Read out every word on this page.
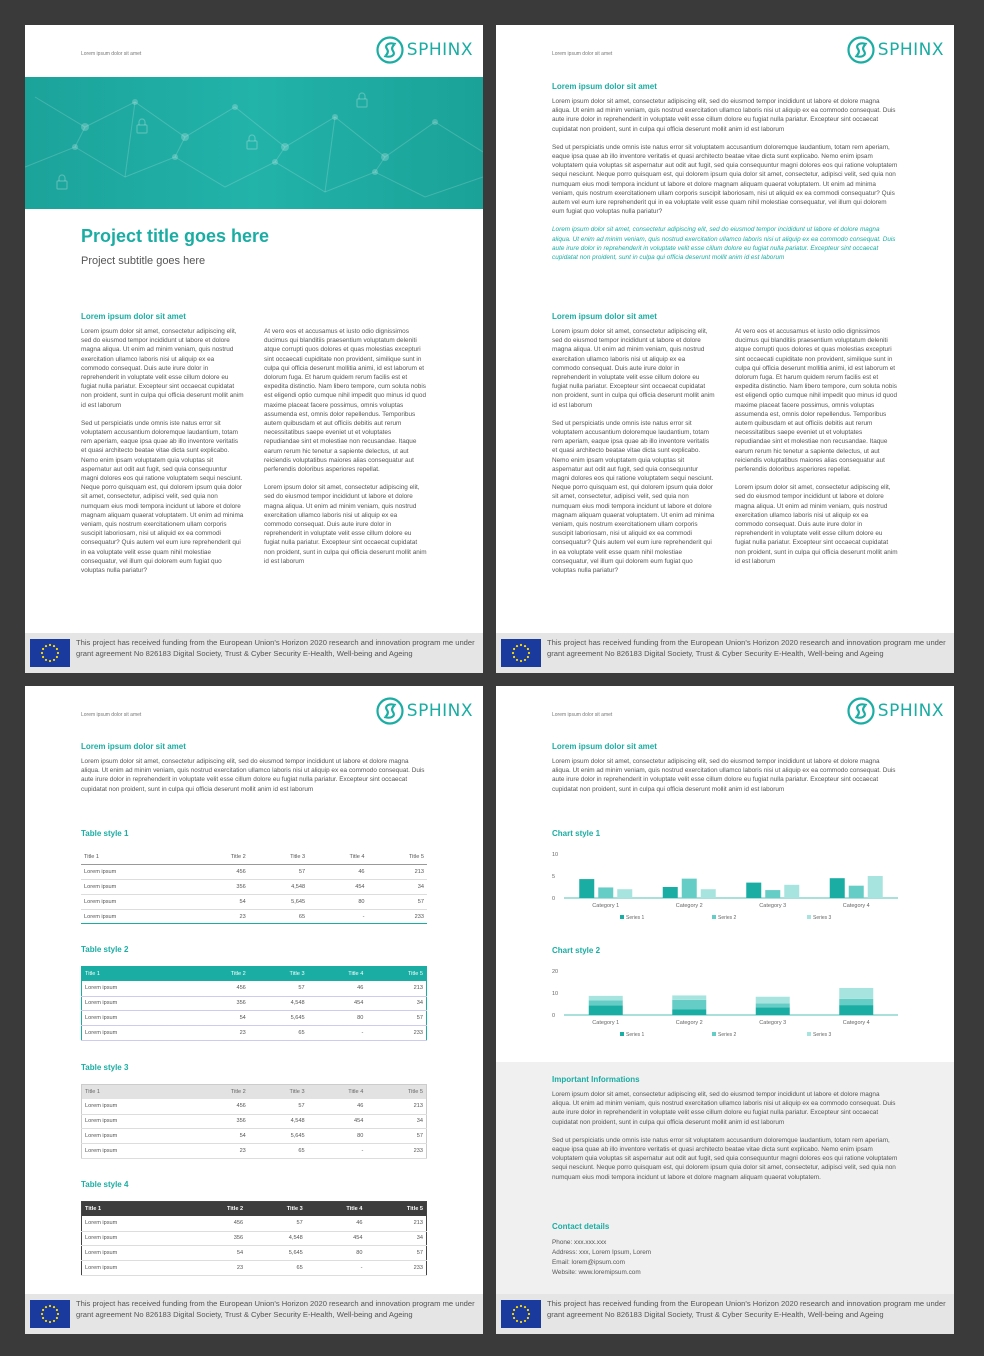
Lorem ipsum dolor sit amet	SPHINX
Project title goes here
Project subtitle goes here
Lorem ipsum dolor sit amet

Lorem ipsum dolor sit amet, consectetur adipiscing elit, sed do eiusmod tempor incididunt ut labore et dolore magna aliqua. Ut enim ad minim veniam, quis nostrud exercitation ullamco laboris nisi ut aliquip ex ea commodo consequat. Duis aute irure dolor in reprehenderit in voluptate velit esse cillum dolore eu fugiat nulla pariatur. Excepteur sint occaecat cupidatat non proident, sunt in culpa qui officia deserunt mollit anim id est laborum

Sed ut perspiciatis unde omnis iste natus error sit voluptatem accusantium doloremque laudantium, totam rem aperiam, eaque ipsa quae ab illo inventore veritatis et quasi architecto beatae vitae dicta sunt explicabo. Nemo enim ipsam voluptatem quia voluptas sit aspernatur aut odit aut fugit, sed quia consequuntur magni dolores eos qui ratione voluptatem sequi nesciunt. Neque porro quisquam est, qui dolorem ipsum quia dolor sit amet, consectetur, adipisci velit, sed quia non numquam eius modi tempora incidunt ut labore et dolore magnam aliquam quaerat voluptatem. Ut enim ad minima veniam, quis nostrum exercitationem ullam corporis suscipit laboriosam, nisi ut aliquid ex ea commodi consequatur? Quis autem vel eum iure reprehenderit qui in ea voluptate velit esse quam nihil molestiae consequatur, vel illum qui dolorem eum fugiat quo voluptas nulla pariatur?

At vero eos et accusamus et iusto odio dignissimos ducimus qui blanditiis praesentium voluptatum deleniti atque corrupti quos dolores et quas molestias excepturi sint occaecati cupiditate non provident, similique sunt in culpa qui officia deserunt mollitia animi, id est laborum et dolorum fuga. Et harum quidem rerum facilis est et expedita distinctio. Nam libero tempore, cum soluta nobis est eligendi optio cumque nihil impedit quo minus id quod maxime placeat facere possimus, omnis voluptas assumenda est, omnis dolor repellendus. Temporibus autem quibusdam et aut officiis debitis aut rerum necessitatibus saepe eveniet ut et voluptates repudiandae sint et molestiae non recusandae. Itaque earum rerum hic tenetur a sapiente delectus, ut aut reiciendis voluptatibus maiores alias consequatur aut perferendis doloribus asperiores repellat.

Lorem ipsum dolor sit amet, consectetur adipiscing elit, sed do eiusmod tempor incididunt ut labore et dolore magna aliqua. Ut enim ad minim veniam, quis nostrud exercitation ullamco laboris nisi ut aliquip ex ea commodo consequat. Duis aute irure dolor in reprehenderit in voluptate velit esse cillum dolore eu fugiat nulla pariatur. Excepteur sint occaecat cupidatat non proident, sunt in culpa qui officia deserunt mollit anim id est laborum

This project has received funding from the European Union's Horizon 2020 research and innovation program me under grant agreement No 826183 Digital Society, Trust & Cyber Security E-Health, Well-being and Ageing
Lorem ipsum dolor sit amet	SPHINX
Lorem ipsum dolor sit amet

Lorem ipsum dolor sit amet, consectetur adipiscing elit, sed do eiusmod tempor incididunt ut labore et dolore magna aliqua. Ut enim ad minim veniam, quis nostrud exercitation ullamco laboris nisi ut aliquip ex ea commodo consequat. Duis aute irure dolor in reprehenderit in voluptate velit esse cillum dolore eu fugiat nulla pariatur. Excepteur sint occaecat cupidatat non proident, sunt in culpa qui officia deserunt mollit anim id est laborum

Sed ut perspiciatis unde omnis iste natus error sit voluptatem accusantium doloremque laudantium, totam rem aperiam, eaque ipsa quae ab illo inventore veritatis et quasi architecto beatae vitae dicta sunt explicabo. Nemo enim ipsam voluptatem quia voluptas sit aspernatur aut odit aut fugit, sed quia consequuntur magni dolores eos qui ratione voluptatem sequi nesciunt. Neque porro quisquam est, qui dolorem ipsum quia dolor sit amet, consectetur, adipisci velit, sed quia non numquam eius modi tempora incidunt ut labore et dolore magnam aliquam quaerat voluptatem. Ut enim ad minima veniam, quis nostrum exercitationem ullam corporis suscipit laboriosam, nisi ut aliquid ex ea commodi consequatur? Quis autem vel eum iure reprehenderit qui in ea voluptate velit esse quam nihil molestiae consequatur, vel illum qui dolorem eum fugiat quo voluptas nulla pariatur?

Lorem ipsum dolor sit amet, consectetur adipiscing elit, sed do eiusmod tempor incididunt ut labore et dolore magna aliqua. Ut enim ad minim veniam, quis nostrud exercitation ullamco laboris nisi ut aliquip ex ea commodo consequat. Duis aute irure dolor in reprehenderit in voluptate velit esse cillum dolore eu fugiat nulla pariatur. Excepteur sint occaecat cupidatat non proident, sunt in culpa qui officia deserunt mollit anim id est laborum

Lorem ipsum dolor sit amet

Lorem ipsum dolor sit amet, consectetur adipiscing elit, sed do eiusmod tempor incididunt ut labore et dolore magna aliqua. Ut enim ad minim veniam, quis nostrud exercitation ullamco laboris nisi ut aliquip ex ea commodo consequat. Duis aute irure dolor in reprehenderit in voluptate velit esse cillum dolore eu fugiat nulla pariatur. Excepteur sint occaecat cupidatat non proident, sunt in culpa qui officia deserunt mollit anim id est laborum

Sed ut perspiciatis unde omnis iste natus error sit voluptatem accusantium doloremque laudantium, totam rem aperiam, eaque ipsa quae ab illo inventore veritatis et quasi architecto beatae vitae dicta sunt explicabo. Nemo enim ipsam voluptatem quia voluptas sit aspernatur aut odit aut fugit, sed quia consequuntur magni dolores eos qui ratione voluptatem sequi nesciunt. Neque porro quisquam est, qui dolorem ipsum quia dolor sit amet, consectetur, adipisci velit, sed quia non numquam eius modi tempora incidunt ut labore et dolore magnam aliquam quaerat voluptatem. Ut enim ad minima veniam, quis nostrum exercitationem ullam corporis suscipit laboriosam, nisi ut aliquid ex ea commodi consequatur? Quis autem vel eum iure reprehenderit qui in ea voluptate velit esse quam nihil molestiae consequatur, vel illum qui dolorem eum fugiat quo voluptas nulla pariatur?

At vero eos et accusamus et iusto odio dignissimos ducimus qui blanditiis praesentium voluptatum deleniti atque corrupti quos dolores et quas molestias excepturi sint occaecati cupiditate non provident, similique sunt in culpa qui officia deserunt mollitia animi, id est laborum et dolorum fuga. Et harum quidem rerum facilis est et expedita distinctio. Nam libero tempore, cum soluta nobis est eligendi optio cumque nihil impedit quo minus id quod maxime placeat facere possimus, omnis voluptas assumenda est, omnis dolor repellendus. Temporibus autem quibusdam et aut officiis debitis aut rerum necessitatibus saepe eveniet ut et voluptates repudiandae sint et molestiae non recusandae. Itaque earum rerum hic tenetur a sapiente delectus, ut aut reiciendis voluptatibus maiores alias consequatur aut perferendis doloribus asperiores repellat.

Lorem ipsum dolor sit amet, consectetur adipiscing elit, sed do eiusmod tempor incididunt ut labore et dolore magna aliqua. Ut enim ad minim veniam, quis nostrud exercitation ullamco laboris nisi ut aliquip ex ea commodo consequat. Duis aute irure dolor in reprehenderit in voluptate velit esse cillum dolore eu fugiat nulla pariatur. Excepteur sint occaecat cupidatat non proident, sunt in culpa qui officia deserunt mollit anim id est laborum

This project has received funding from the European Union's Horizon 2020 research and innovation program me under grant agreement No 826183 Digital Society, Trust & Cyber Security E-Health, Well-being and Ageing
Lorem ipsum dolor sit amet	SPHINX
Lorem ipsum dolor sit amet

Lorem ipsum dolor sit amet, consectetur adipiscing elit, sed do eiusmod tempor incididunt ut labore et dolore magna aliqua. Ut enim ad minim veniam, quis nostrud exercitation ullamco laboris nisi ut aliquip ex ea commodo consequat. Duis aute irure dolor in reprehenderit in voluptate velit esse cillum dolore eu fugiat nulla pariatur. Excepteur sint occaecat cupidatat non proident, sunt in culpa qui officia deserunt mollit anim id est laborum

Table style 1
Title 1	Title 2	Title 3	Title 4	Title 5
Lorem ipsum	456	57	46	213
Lorem ipsum	356	4,548	454	34
Lorem ipsum	54	5,645	80	57
Lorem ipsum	23	65	-	233
Table style 2
Title 1	Title 2	Title 3	Title 4	Title 5
Lorem ipsum	456	57	46	213
Lorem ipsum	356	4,548	454	34
Lorem ipsum	54	5,645	80	57
Lorem ipsum	23	65	-	233
Table style 3
Title 1	Title 2	Title 3	Title 4	Title 5
Lorem ipsum	456	57	46	213
Lorem ipsum	356	4,548	454	34
Lorem ipsum	54	5,645	80	57
Lorem ipsum	23	65	-	233
Table style 4
Title 1	Title 2	Title 3	Title 4	Title 5
Lorem ipsum	456	57	46	213
Lorem ipsum	356	4,548	454	34
Lorem ipsum	54	5,645	80	57
Lorem ipsum	23	65	-	233
This project has received funding from the European Union's Horizon 2020 research and innovation program me under grant agreement No 826183 Digital Society, Trust & Cyber Security E-Health, Well-being and Ageing
Lorem ipsum dolor sit amet	SPHINX
Lorem ipsum dolor sit amet

Lorem ipsum dolor sit amet, consectetur adipiscing elit, sed do eiusmod tempor incididunt ut labore et dolore magna aliqua. Ut enim ad minim veniam, quis nostrud exercitation ullamco laboris nisi ut aliquip ex ea commodo consequat. Duis aute irure dolor in reprehenderit in voluptate velit esse cillum dolore eu fugiat nulla pariatur. Excepteur sint occaecat cupidatat non proident, sunt in culpa qui officia deserunt mollit anim id est laborum

Chart style 1
0
5
10
Category 1	Category 2	Category 3	Category 4
Series 1	Series 2	Series 3
Chart style 2
0
10
20
Category 1	Category 2	Category 3	Category 4
Series 1	Series 2	Series 3
Important Informations

Lorem ipsum dolor sit amet, consectetur adipiscing elit, sed do eiusmod tempor incididunt ut labore et dolore magna aliqua. Ut enim ad minim veniam, quis nostrud exercitation ullamco laboris nisi ut aliquip ex ea commodo consequat. Duis aute irure dolor in reprehenderit in voluptate velit esse cillum dolore eu fugiat nulla pariatur. Excepteur sint occaecat cupidatat non proident, sunt in culpa qui officia deserunt mollit anim id est laborum

Sed ut perspiciatis unde omnis iste natus error sit voluptatem accusantium doloremque laudantium, totam rem aperiam, eaque ipsa quae ab illo inventore veritatis et quasi architecto beatae vitae dicta sunt explicabo. Nemo enim ipsam voluptatem quia voluptas sit aspernatur aut odit aut fugit, sed quia consequuntur magni dolores eos qui ratione voluptatem sequi nesciunt. Neque porro quisquam est, qui dolorem ipsum quia dolor sit amet, consectetur, adipisci velit, sed quia non numquam eius modi tempora incidunt ut labore et dolore magnam aliquam quaerat voluptatem.

Contact details
Phone: xxx.xxx.xxx
Address: xxx, Lorem Ipsum, Lorem
Email: lorem@ipsum.com
Website: www.loremipsum.com
This project has received funding from the European Union's Horizon 2020 research and innovation program me under grant agreement No 826183 Digital Society, Trust & Cyber Security E-Health, Well-being and Ageing
